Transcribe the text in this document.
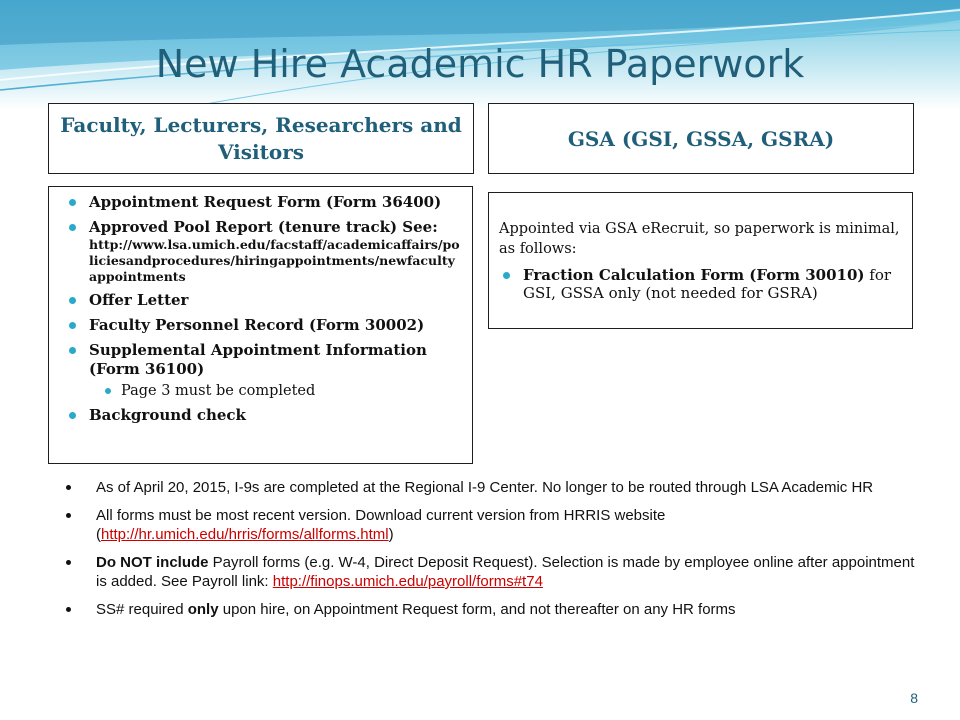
New Hire Academic HR Paperwork
Faculty, Lecturers, Researchers and Visitors
GSA (GSI, GSSA, GSRA)
Appointment Request Form (Form 36400)
Approved Pool Report (tenure track) See:
http://www.lsa.umich.edu/facstaff/academicaffairs/policiesandprocedures/hiringappointments/newfacultyappointments
Offer Letter
Faculty Personnel Record (Form 30002)
Supplemental Appointment Information (Form 36100)
Page 3 must be completed
Background check

Appointed via GSA eRecruit, so paperwork is minimal, as follows:

Fraction Calculation Form (Form 30010) for GSI, GSSA only (not needed for GSRA)
As of April 20, 2015, I-9s are completed at the Regional I-9 Center. No longer to be routed through LSA Academic HR
All forms must be most recent version. Download current version from HRRIS website (http://hr.umich.edu/hrris/forms/allforms.html)
Do NOT include Payroll forms (e.g. W-4, Direct Deposit Request). Selection is made by employee online after appointment is added. See Payroll link: http://finops.umich.edu/payroll/forms#t74
SS# required only upon hire, on Appointment Request form, and not thereafter on any HR forms
8
